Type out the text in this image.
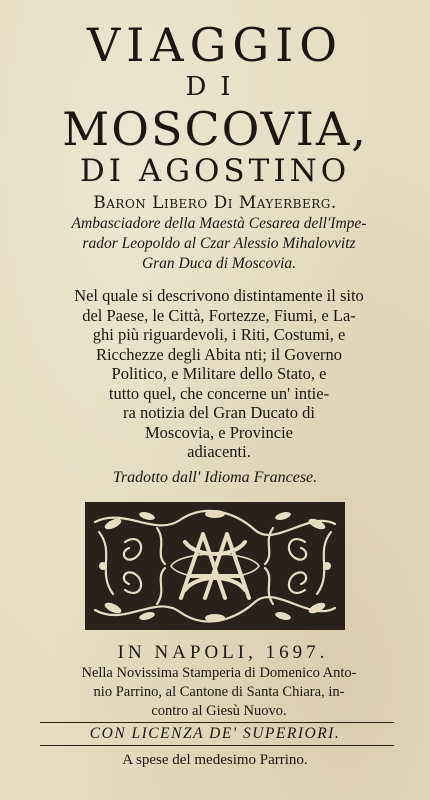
VIAGGIO
DI
MOSCOVIA,
DI AGOSTINO
Baron Libero Di Mayerberg.
Ambasciadore della Maestà Cesarea dell'Impe-
rador Leopoldo al Czar Alessio Mihalovvitz
Gran Duca di Moscovia.
Nel quale si descrivono distintamente il sito
del Paese, le Città, Fortezze, Fiumi, e La-
ghi più riguardevoli, i Riti, Costumi, e
Ricchezze degli Abita nti; il Governo
Politico, e Militare dello Stato, e
tutto quel, che concerne un' intie-
ra notizia del Gran Ducato di
Moscovia, e Provincie
adiacenti.
Tradotto dall' Idioma Francese.
IN NAPOLI, 1697.
Nella Novissima Stamperia di Domenico Anto-
nio Parrino, al Cantone di Santa Chiara, in-
contro al Giesù Nuovo.
CON LICENZA DE' SUPERIORI.
A spese del medesimo Parrino.
